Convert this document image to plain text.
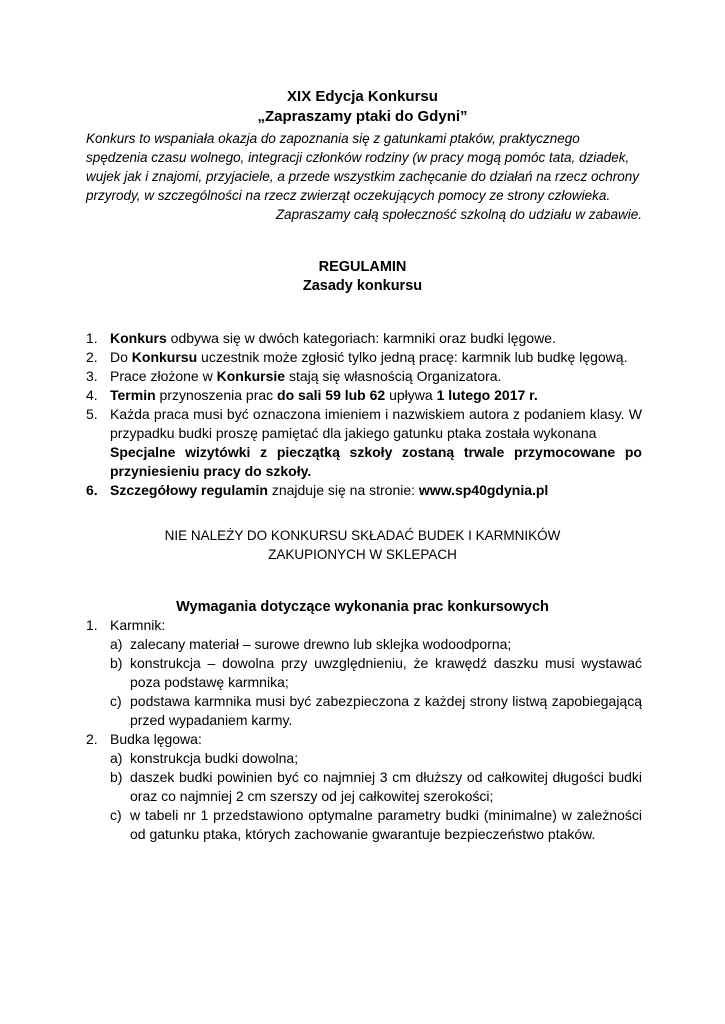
XIX Edycja Konkursu
„Zapraszamy ptaki do Gdyni”

Konkurs to wspaniała okazja do zapoznania się z gatunkami ptaków, praktycznego spędzenia czasu wolnego, integracji członków rodziny (w pracy mogą pomóc tata, dziadek, wujek jak i znajomi, przyjaciele, a przede wszystkim zachęcanie do działań na rzecz ochrony przyrody, w szczególności na rzecz zwierząt oczekujących pomocy ze strony człowieka.

Zapraszamy całą społeczność szkolną do udziału w zabawie.

REGULAMIN
Zasady konkursu
1. Konkurs odbywa się w dwóch kategoriach: karmniki oraz budki lęgowe.
2. Do Konkursu uczestnik może zgłosić tylko jedną pracę: karmnik lub budkę lęgową.
3. Prace złożone w Konkursie stają się własnością Organizatora.
4. Termin przynoszenia prac do sali 59 lub 62 upływa 1 lutego 2017 r.
5. Każda praca musi być oznaczona imieniem i nazwiskiem autora z podaniem klasy. W przypadku budki proszę pamiętać dla jakiego gatunku ptaka została wykonana

Specjalne wizytówki z pieczątką szkoły zostaną trwale przymocowane po przyniesieniu pracy do szkoły.

6. Szczegółowy regulamin znajduje się na stronie: www.sp40gdynia.pl
NIE NALEŻY DO KONKURSU SKŁADAĆ BUDEK I KARMNIKÓW
ZAKUPIONYCH W SKLEPACH
Wymagania dotyczące wykonania prac konkursowych
1. Karmnik:
a) zalecany materiał – surowe drewno lub sklejka wodoodporna;
b) konstrukcja – dowolna przy uwzględnieniu, że krawędź daszku musi wystawać poza podstawę karmnika;
c) podstawa karmnika musi być zabezpieczona z każdej strony listwą zapobiegającą przed wypadaniem karmy.
2. Budka lęgowa:
a) konstrukcja budki dowolna;
b) daszek budki powinien być co najmniej 3 cm dłuższy od całkowitej długości budki oraz co najmniej 2 cm szerszy od jej całkowitej szerokości;
c) w tabeli nr 1 przedstawiono optymalne parametry budki (minimalne) w zależności od gatunku ptaka, których zachowanie gwarantuje bezpieczeństwo ptaków.
